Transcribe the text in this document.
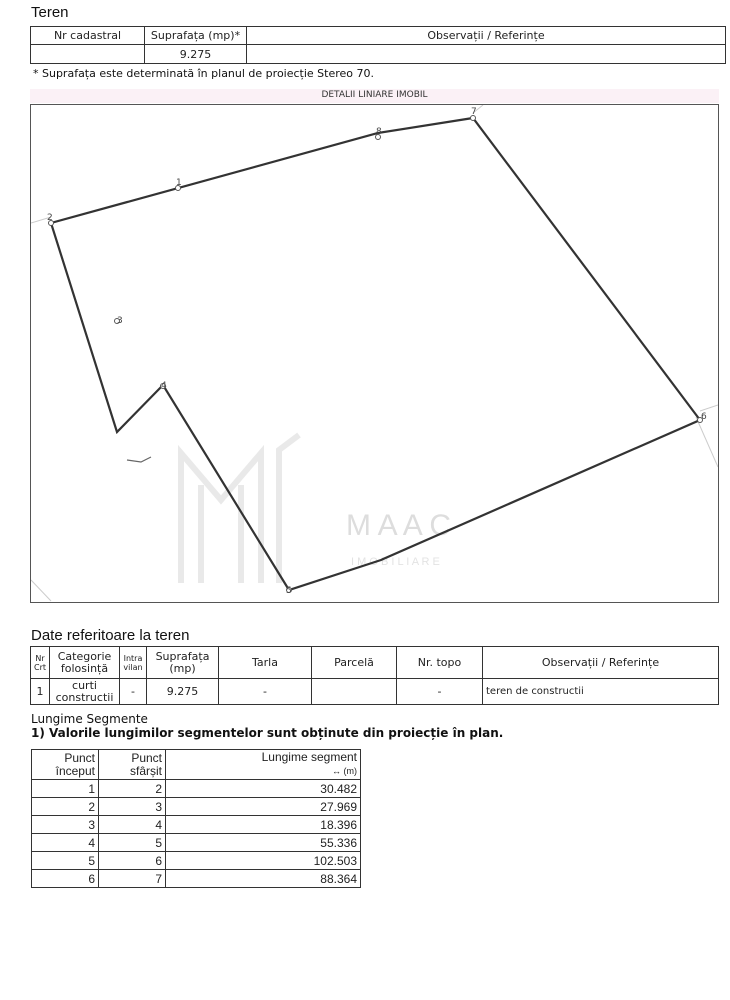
Teren
Nr cadastral	Suprafața (mp)*	Observații / Referințe
	9.275	
* Suprafața este determinată în planul de proiecție Stereo 70.
DETALII LINIARE IMOBIL
M A A C
I M O B I L I A R E
1
2
3
4
5
6
7
8
Date referitoare la teren
Nr Crt	Categorie folosință	Intra vilan	Suprafața (mp)	Tarla	Parcelă	Nr. topo	Observații / Referințe
1	curti constructii	-	9.275	-		-	teren de constructii
Lungime Segmente
1) Valorile lungimilor segmentelor sunt obținute din proiecție în plan.
Punct început	Punct sfârșit	Lungime segment
↔ (m)
1	2	30.482
2	3	27.969
3	4	18.396
4	5	55.336
5	6	102.503
6	7	88.364
